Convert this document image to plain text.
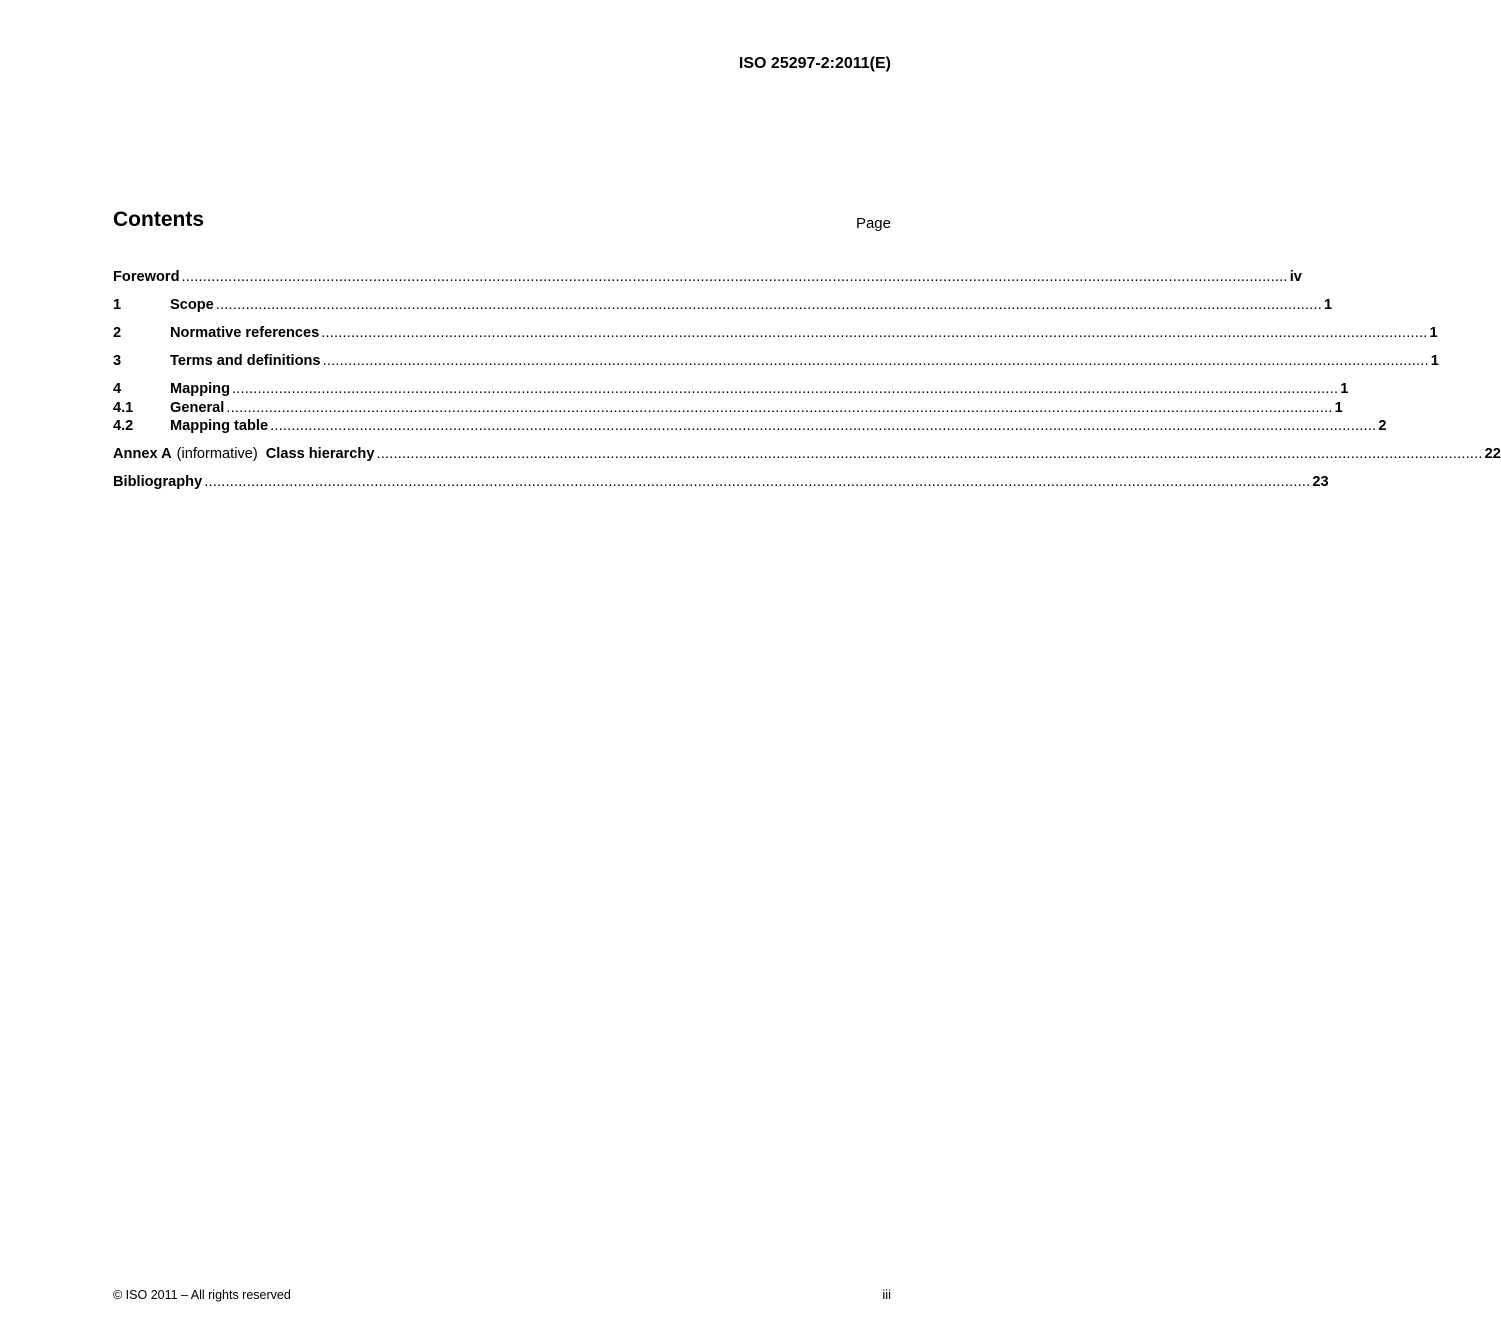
ISO 25297-2:2011(E)
Contents	Page
Foreword .................................................................................................................................................................................................................................................................... iv
1	Scope .................................................................................................................................................................................................................................................................... 1
2	Normative references .................................................................................................................................................................................................................................................................... 1
3	Terms and definitions .................................................................................................................................................................................................................................................................... 1
4	Mapping .................................................................................................................................................................................................................................................................... 1
4.1	General .................................................................................................................................................................................................................................................................... 1
4.2	Mapping table .................................................................................................................................................................................................................................................................... 2
Annex A (informative) Class hierarchy .................................................................................................................................................................................................................................................................... 22
Bibliography .................................................................................................................................................................................................................................................................... 23
© ISO 2011 – All rights reserved	iii
